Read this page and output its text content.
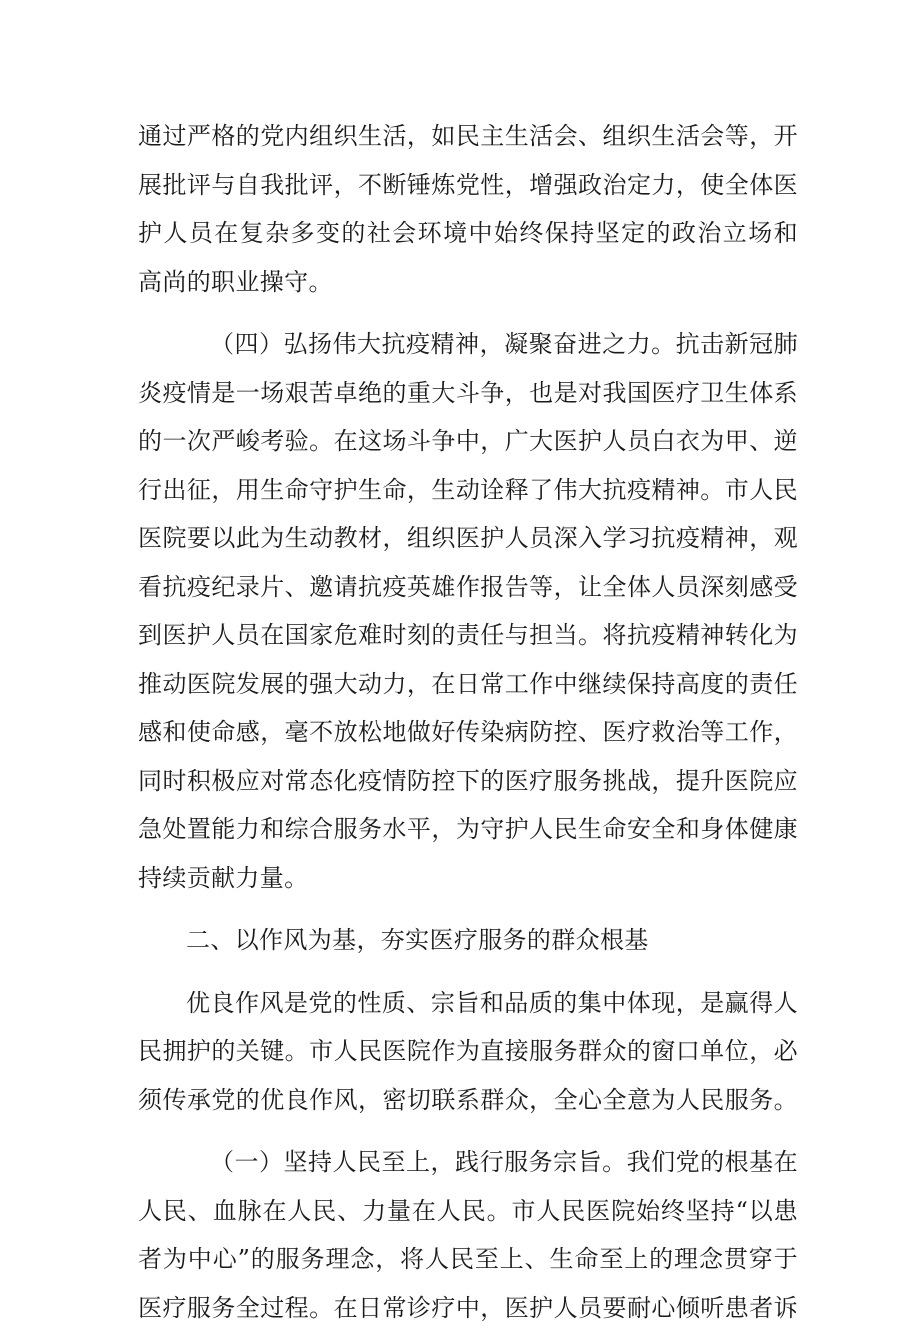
通过严格的党内组织生活，如民主生活会、组织生活会等，开
展批评与自我批评，不断锤炼党性，增强政治定力，使全体医
护人员在复杂多变的社会环境中始终保持坚定的政治立场和
高尚的职业操守。
（四）弘扬伟大抗疫精神，凝聚奋进之力。抗击新冠肺
炎疫情是一场艰苦卓绝的重大斗争，也是对我国医疗卫生体系
的一次严峻考验。在这场斗争中，广大医护人员白衣为甲、逆
行出征，用生命守护生命，生动诠释了伟大抗疫精神。市人民
医院要以此为生动教材，组织医护人员深入学习抗疫精神，观
看抗疫纪录片、邀请抗疫英雄作报告等，让全体人员深刻感受
到医护人员在国家危难时刻的责任与担当。将抗疫精神转化为
推动医院发展的强大动力，在日常工作中继续保持高度的责任
感和使命感，毫不放松地做好传染病防控、医疗救治等工作，
同时积极应对常态化疫情防控下的医疗服务挑战，提升医院应
急处置能力和综合服务水平，为守护人民生命安全和身体健康
持续贡献力量。
二、以作风为基，夯实医疗服务的群众根基
优良作风是党的性质、宗旨和品质的集中体现，是赢得人
民拥护的关键。市人民医院作为直接服务群众的窗口单位，必
须传承党的优良作风，密切联系群众，全心全意为人民服务。
（一）坚持人民至上，践行服务宗旨。我们党的根基在
人民、血脉在人民、力量在人民。市人民医院始终坚持“以患
者为中心”的服务理念，将人民至上、生命至上的理念贯穿于
医疗服务全过程。在日常诊疗中，医护人员要耐心倾听患者诉
